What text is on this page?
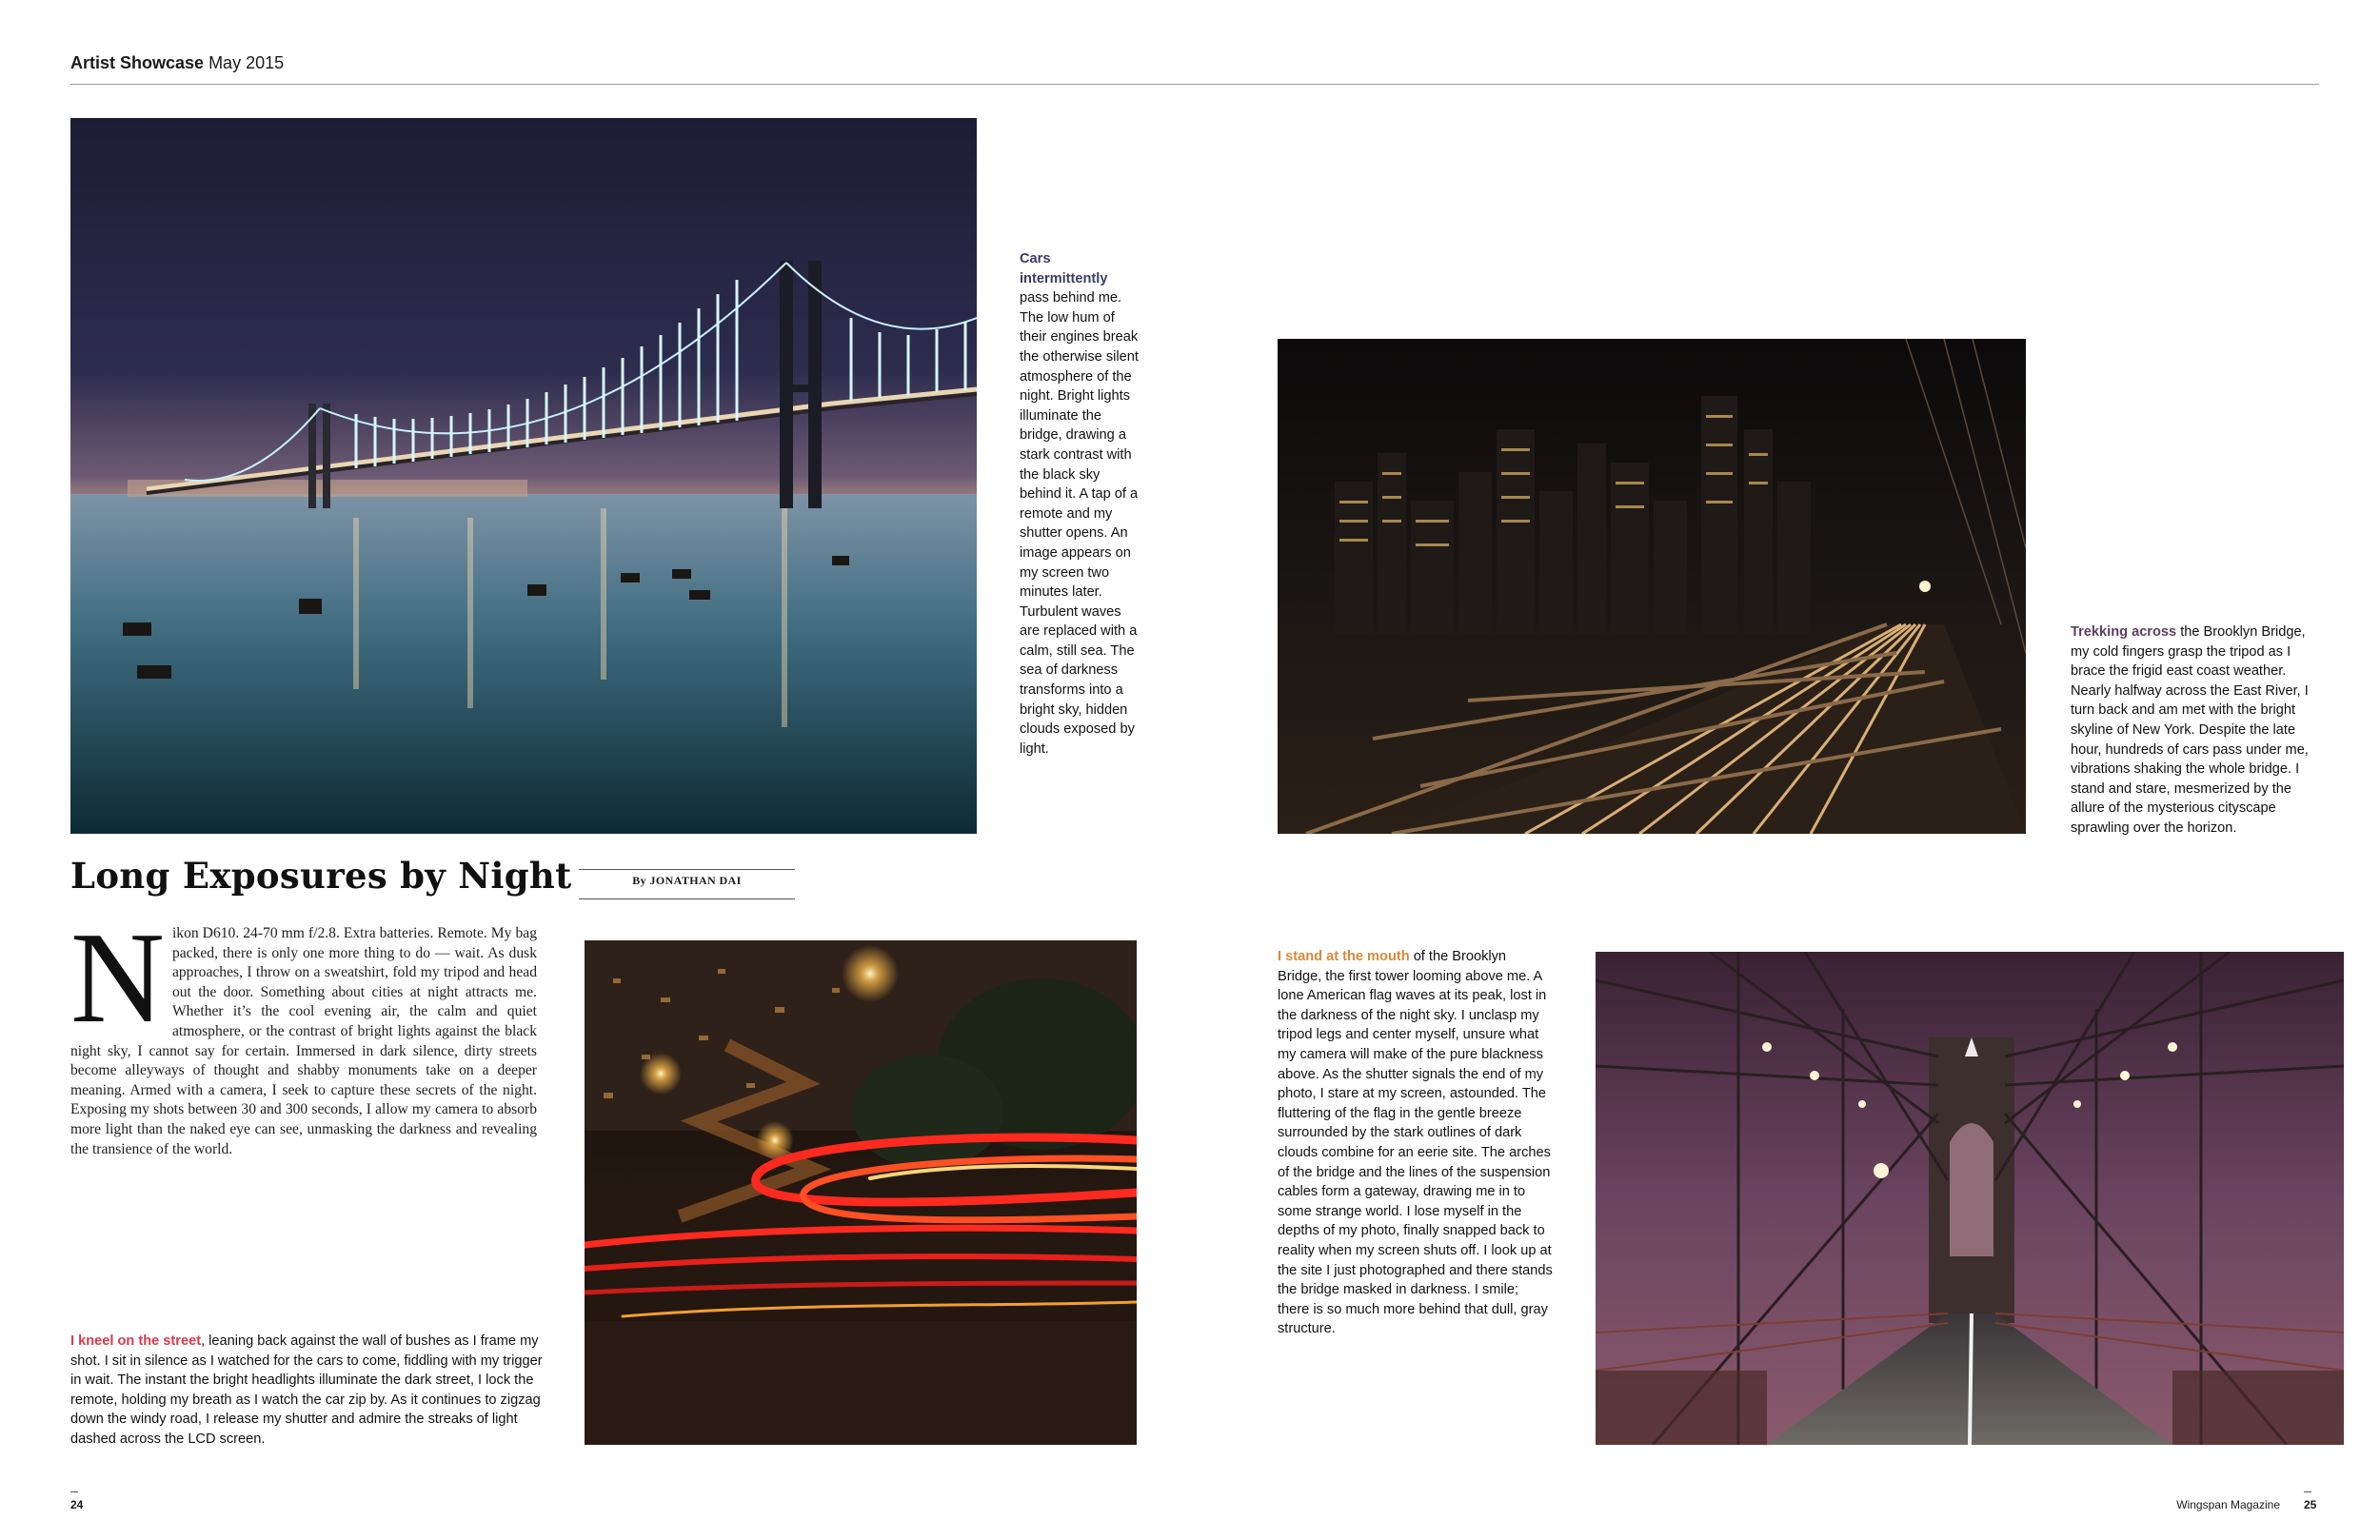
Artist Showcase May 2015
Cars intermittently pass behind me. The low hum of their engines break the otherwise silent atmosphere of the night. Bright lights illuminate the bridge, drawing a stark contrast with the black sky behind it. A tap of a remote and my shutter opens. An image appears on my screen two minutes later. Turbulent waves are replaced with a calm, still sea. The sea of darkness transforms into a bright sky, hidden clouds exposed by light.
Trekking across the Brooklyn Bridge, my cold fingers grasp the tripod as I brace the frigid east coast weather. Nearly halfway across the East River, I turn back and am met with the bright skyline of New York. Despite the late hour, hundreds of cars pass under me, vibrations shaking the whole bridge. I stand and stare, mesmerized by the allure of the mysterious cityscape sprawling over the horizon.
Long Exposures by Night	By JONATHAN DAI
Nikon D610. 24-70 mm f/2.8. Extra batteries. Remote. My bag packed, there is only one more thing to do — wait. As dusk approaches, I throw on a sweatshirt, fold my tripod and head out the door. Something about cities at night attracts me. Whether it’s the cool evening air, the calm and quiet atmosphere, or the contrast of bright lights against the black night sky, I cannot say for certain. Immersed in dark silence, dirty streets become alleyways of thought and shabby monuments take on a deeper meaning. Armed with a camera, I seek to capture these secrets of the night. Exposing my shots between 30 and 300 seconds, I allow my camera to absorb more light than the naked eye can see, unmasking the darkness and revealing the transience of the world.
I kneel on the street, leaning back against the wall of bushes as I frame my shot. I sit in silence as I watched for the cars to come, fiddling with my trigger in wait. The instant the bright headlights illuminate the dark street, I lock the remote, holding my breath as I watch the car zip by. As it continues to zigzag down the windy road, I release my shutter and admire the streaks of light dashed across the LCD screen.
I stand at the mouth of the Brooklyn Bridge, the first tower looming above me. A lone American flag waves at its peak, lost in the darkness of the night sky. I unclasp my tripod legs and center myself, unsure what my camera will make of the pure blackness above. As the shutter signals the end of my photo, I stare at my screen, astounded. The fluttering of the flag in the gentle breeze surrounded by the stark outlines of dark clouds combine for an eerie site. The arches of the bridge and the lines of the suspension cables form a gateway, drawing me in to some strange world. I lose myself in the depths of my photo, finally snapped back to reality when my screen shuts off. I look up at the site I just photographed and there stands the bridge masked in darkness. I smile; there is so much more behind that dull, gray structure.
24	Wingspan Magazine 25
